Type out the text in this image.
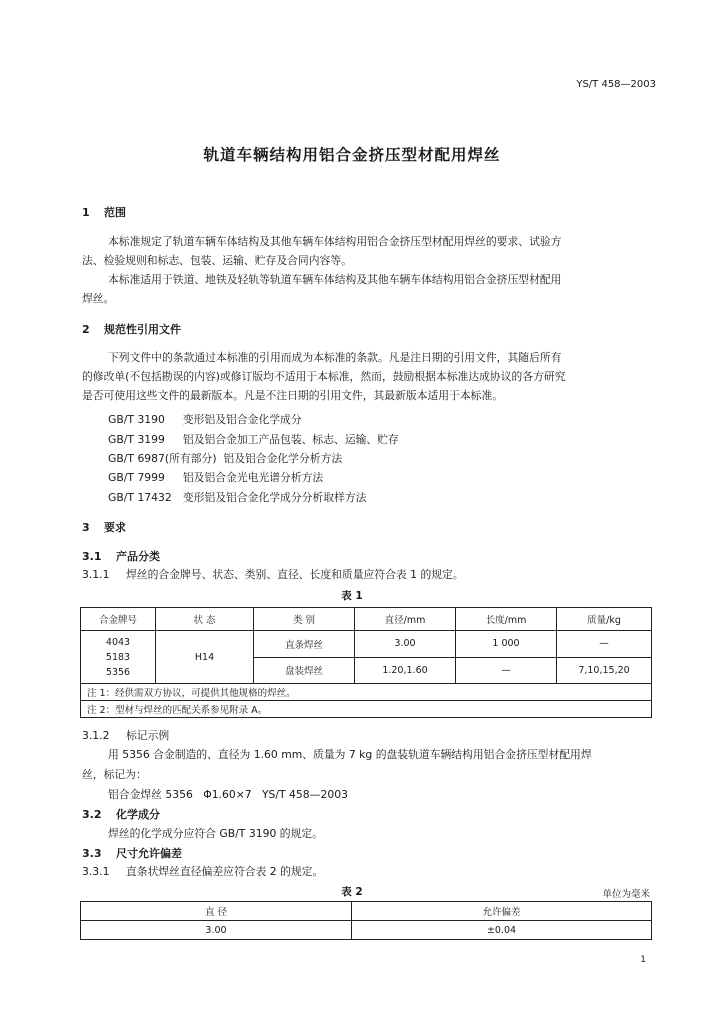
YS/T 458—2003
轨道车辆结构用铝合金挤压型材配用焊丝
1 范围
本标准规定了轨道车辆车体结构及其他车辆车体结构用铝合金挤压型材配用焊丝的要求、试验方
法、检验规则和标志、包装、运输、贮存及合同内容等。
本标准适用于铁道、地铁及轻轨等轨道车辆车体结构及其他车辆车体结构用铝合金挤压型材配用
焊丝。
2 规范性引用文件
下列文件中的条款通过本标准的引用而成为本标准的条款。凡是注日期的引用文件，其随后所有
的修改单(不包括勘误的内容)或修订版均不适用于本标准，然而，鼓励根据本标准达成协议的各方研究
是否可使用这些文件的最新版本。凡是不注日期的引用文件，其最新版本适用于本标准。
GB/T 3190 变形铝及铝合金化学成分
GB/T 3199 铝及铝合金加工产品包装、标志、运输、贮存
GB/T 6987(所有部分) 铝及铝合金化学分析方法
GB/T 7999 铝及铝合金光电光谱分析方法
GB/T 17432 变形铝及铝合金化学成分分析取样方法
3 要求
3.1 产品分类
3.1.1 焊丝的合金牌号、状态、类别、直径、长度和质量应符合表 1 的规定。
表 1
合金牌号	状 态	类 别	直径/mm	长度/mm	质量/kg

4043
5183
5356	H14	直条焊丝	3.00	1 000	—
		盘装焊丝	1.20,1.60	—	7,10,15,20
注 1：经供需双方协议，可提供其他规格的焊丝。					
注 2：型材与焊丝的匹配关系参见附录 A。					
3.1.2 标记示例
用 5356 合金制造的、直径为 1.60 mm、质量为 7 kg 的盘装轨道车辆结构用铝合金挤压型材配用焊
丝，标记为：
铝合金焊丝 5356   Φ1.60×7   YS/T 458—2003
3.2 化学成分
焊丝的化学成分应符合 GB/T 3190 的规定。
3.3 尺寸允许偏差
3.3.1 直条状焊丝直径偏差应符合表 2 的规定。
表 2	单位为毫米
直 径	允许偏差
3.00	±0.04
1
